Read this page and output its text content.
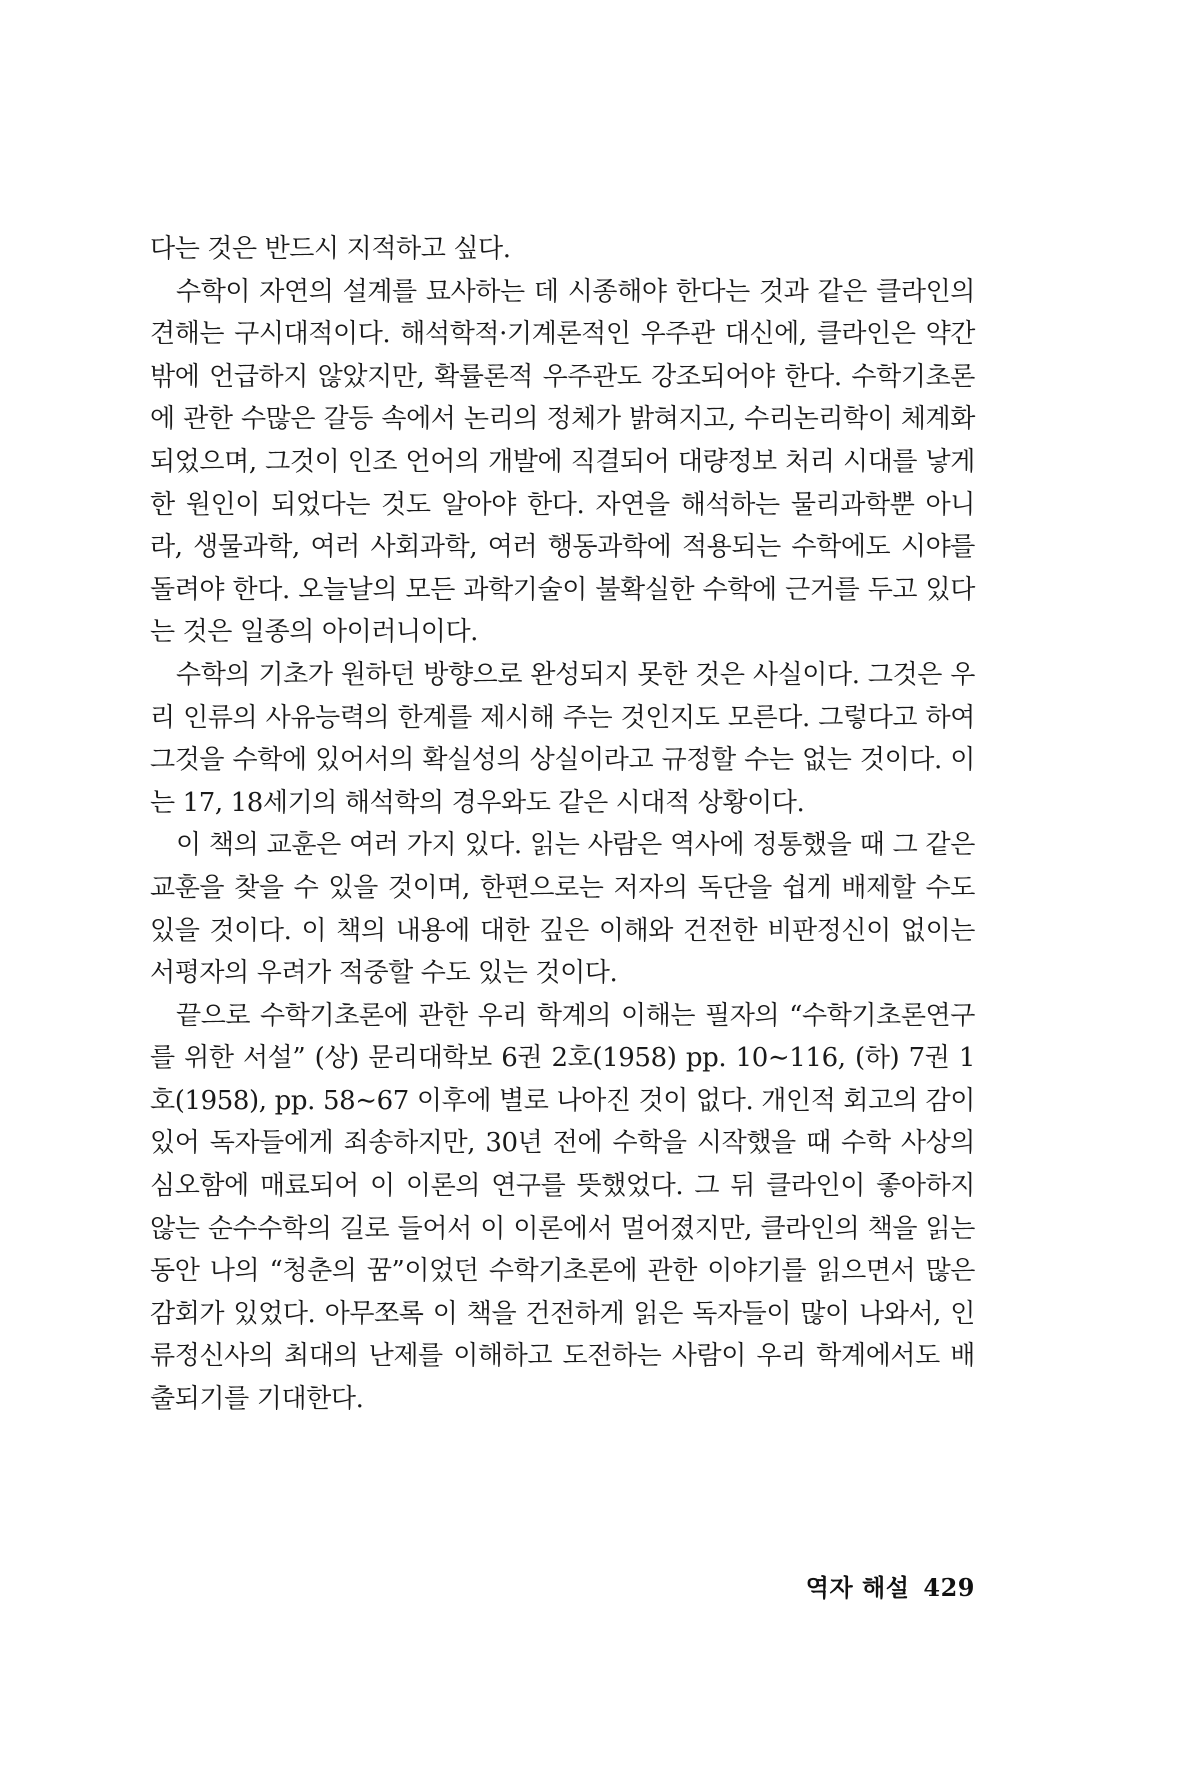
다는 것은 반드시 지적하고 싶다.

수학이 자연의 설계를 묘사하는 데 시종해야 한다는 것과 같은 클라인의 견해는 구시대적이다. 해석학적·기계론적인 우주관 대신에, 클라인은 약간밖에 언급하지 않았지만, 확률론적 우주관도 강조되어야 한다. 수학기초론에 관한 수많은 갈등 속에서 논리의 정체가 밝혀지고, 수리논리학이 체계화되었으며, 그것이 인조 언어의 개발에 직결되어 대량정보 처리 시대를 낳게 한 원인이 되었다는 것도 알아야 한다. 자연을 해석하는 물리과학뿐 아니라, 생물과학, 여러 사회과학, 여러 행동과학에 적용되는 수학에도 시야를 돌려야 한다. 오늘날의 모든 과학기술이 불확실한 수학에 근거를 두고 있다는 것은 일종의 아이러니이다.

수학의 기초가 원하던 방향으로 완성되지 못한 것은 사실이다. 그것은 우리 인류의 사유능력의 한계를 제시해 주는 것인지도 모른다. 그렇다고 하여 그것을 수학에 있어서의 확실성의 상실이라고 규정할 수는 없는 것이다. 이는 17, 18세기의 해석학의 경우와도 같은 시대적 상황이다.

이 책의 교훈은 여러 가지 있다. 읽는 사람은 역사에 정통했을 때 그 같은 교훈을 찾을 수 있을 것이며, 한편으로는 저자의 독단을 쉽게 배제할 수도 있을 것이다. 이 책의 내용에 대한 깊은 이해와 건전한 비판정신이 없이는 서평자의 우려가 적중할 수도 있는 것이다.

끝으로 수학기초론에 관한 우리 학계의 이해는 필자의 “수학기초론연구를 위한 서설” (상) 문리대학보 6권 2호(1958) pp. 10∼116, (하) 7권 1호(1958), pp. 58∼67 이후에 별로 나아진 것이 없다. 개인적 회고의 감이 있어 독자들에게 죄송하지만, 30년 전에 수학을 시작했을 때 수학 사상의 심오함에 매료되어 이 이론의 연구를 뜻했었다. 그 뒤 클라인이 좋아하지 않는 순수수학의 길로 들어서 이 이론에서 멀어졌지만, 클라인의 책을 읽는 동안 나의 “청춘의 꿈”이었던 수학기초론에 관한 이야기를 읽으면서 많은 감회가 있었다. 아무쪼록 이 책을 건전하게 읽은 독자들이 많이 나와서, 인류정신사의 최대의 난제를 이해하고 도전하는 사람이 우리 학계에서도 배출되기를 기대한다.

역자 해설 429
